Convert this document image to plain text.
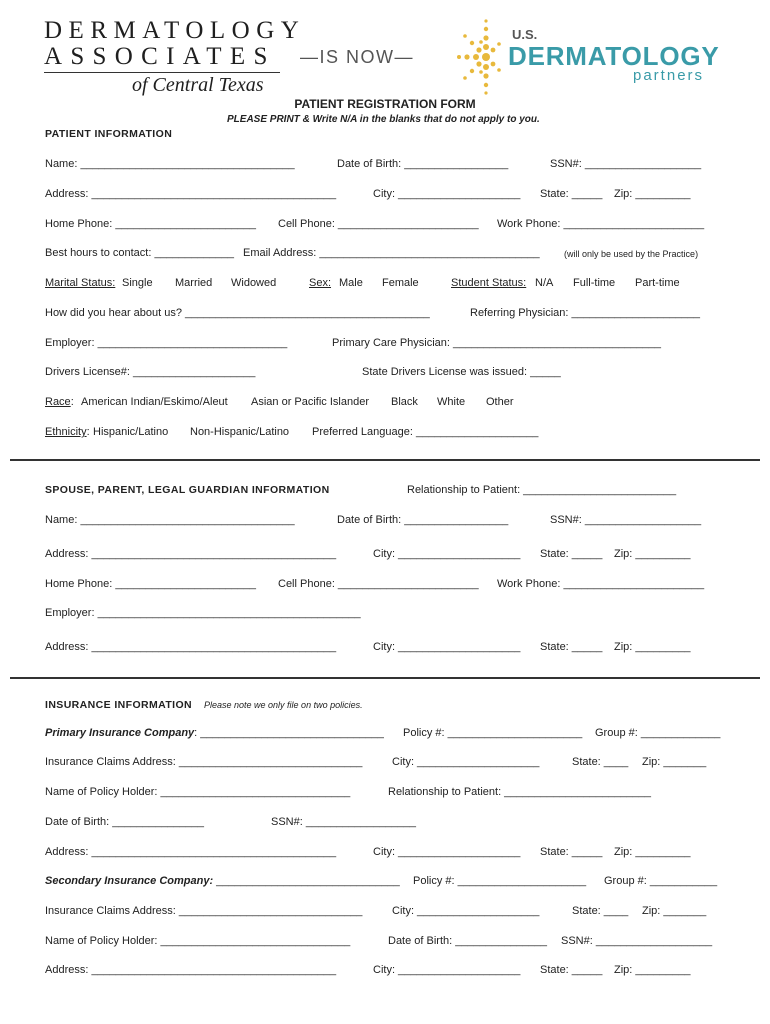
DERMATOLOGY
ASSOCIATES
of Central Texas
—IS NOW—
U.S.
DERMATOLOGY
partners
PATIENT REGISTRATION FORM
PLEASE PRINT & Write N/A in the blanks that do not apply to you.
PATIENT INFORMATION
Name: ___________________________________	Date of Birth: _________________	SSN#: ___________________
Address: ________________________________________	City: ____________________ State: _____ Zip: _________
Home Phone: _______________________ Cell Phone: _______________________ Work Phone: _______________________
Best hours to contact: _____________ Email Address: ____________________________________	(will only be used by the Practice)
Marital Status: Single Married Widowed	Sex: Male Female	Student Status: N/A Full-time Part-time
How did you hear about us? ________________________________________	Referring Physician: _____________________
Employer: _______________________________	Primary Care Physician: __________________________________
Drivers License#: ____________________	State Drivers License was issued: _____
Race: American Indian/Eskimo/Aleut Asian or Pacific Islander Black White Other
Ethnicity: Hispanic/Latino Non-Hispanic/Latino Preferred Language: ____________________
SPOUSE, PARENT, LEGAL GUARDIAN INFORMATION	Relationship to Patient: _________________________
Name: ___________________________________	Date of Birth: _________________	SSN#: ___________________
Address: ________________________________________	City: ____________________ State: _____ Zip: _________
Home Phone: _______________________ Cell Phone: _______________________ Work Phone: _______________________
Employer: ___________________________________________
Address: ________________________________________	City: ____________________ State: _____ Zip: _________
INSURANCE INFORMATION Please note we only file on two policies.
Primary Insurance Company: ______________________________ Policy #: ______________________ Group #: _____________
Insurance Claims Address: ______________________________	City: ____________________	State: ____ Zip: _______
Name of Policy Holder: _______________________________	Relationship to Patient: ________________________
Date of Birth: _______________	SSN#: __________________
Address: ________________________________________	City: ____________________ State: _____ Zip: _________
Secondary Insurance Company: ______________________________ Policy #: _____________________ Group #: ___________
Insurance Claims Address: ______________________________	City: ____________________	State: ____ Zip: _______
Name of Policy Holder: _______________________________	Date of Birth: _______________ SSN#: ___________________
Address: ________________________________________	City: ____________________ State: _____ Zip: _________
